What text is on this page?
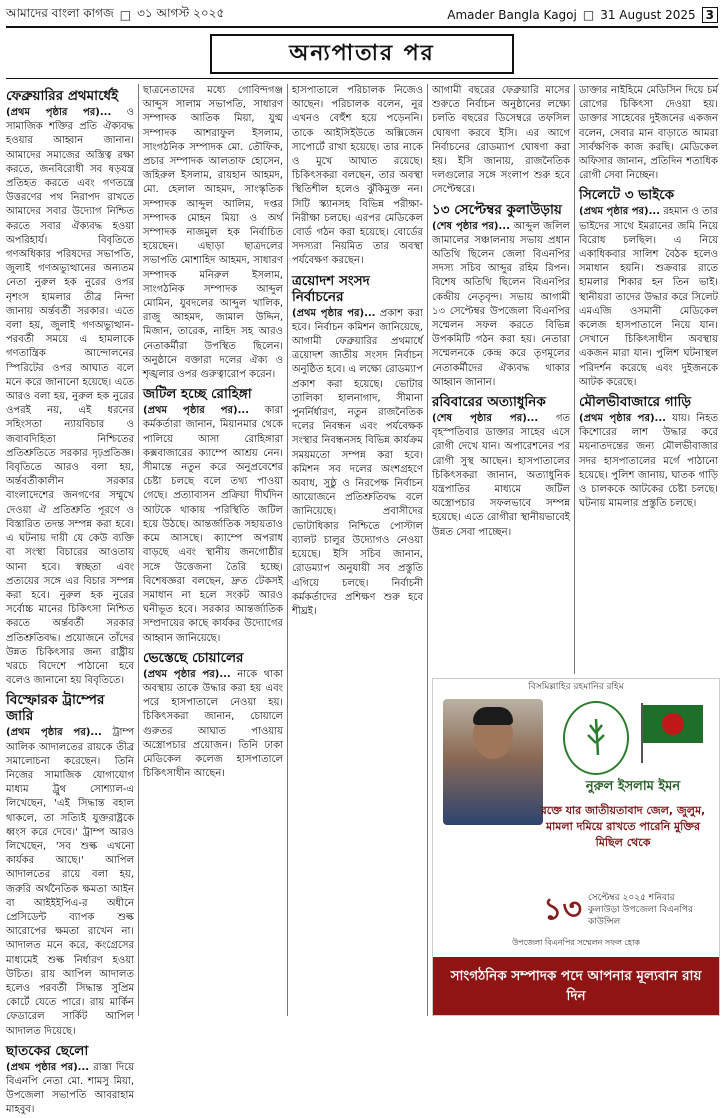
আমাদের বাংলা কাগজ □ ৩১ আগস্ট ২০২৫	Amader Bangla Kagoj □ 31 August 2025 3
অন্যপাতার পর
ফেব্রুয়ারির প্রথমার্ধেই

(প্রথম পৃষ্ঠার পর)... ও সামাজিক শক্তির প্রতি ঐক্যবদ্ধ হওয়ার আহ্বান জানান। আমাদের সমাজের অস্তিত্ব রক্ষা করতে, জনবিরোধী সব ষড়যন্ত্র প্রতিহত করতে এবং গণতন্ত্রে উত্তরণের পথ নিরাপদ রাখতে আমাদের সবার উদ্যোগ নিশ্চিত করতে সবার ঐক্যবদ্ধ হওয়া অপরিহার্য। বিবৃতিতে গণঅধিকার পরিষদের সভাপতি, জুলাই গণঅভ্যুত্থানের অন্যতম নেতা নুরুল হক নুরের ওপর নৃশংস হামলার তীব্র নিন্দা জানায় অর্ন্তবর্তী সরকার। এতে বলা হয়, জুলাই গণঅভ্যুত্থান-পরবর্তী সময়ে এ হামলাকে গণতান্ত্রিক আন্দোলনের স্পিরিটের ওপর আঘাত বলে মনে করে জানানো হয়েছে। এতে আরও বলা হয়, নুরুল হক নুরের ওপরই নয়, এই ধরনের সহিংসতা ন্যায়বিচার ও জবাবদিহিতা নিশ্চিতের প্রতিশ্রুতিতে সরকার দৃঢ়প্রতিজ্ঞ। বিবৃতিতে আরও বলা হয়, অর্ন্তবর্তীকালীন সরকার বাংলাদেশের জনগণের সম্মুখে দেওয়া ঐ প্রতিশ্রুতি পূরণে ও বিস্তারিত তদন্ত সম্পন্ন করা হবে। এ ঘটনায় দায়ী যে কেউ ব্যক্তি বা সংস্থা বিচারের আওতায় আনা হবে। স্বচ্ছতা এবং প্রত্যয়ের সঙ্গে এর বিচার সম্পন্ন করা হবে। নুরুল হক নুরের সর্বোচ্চ মানের চিকিৎসা নিশ্চিত করতে অর্ন্তবর্তী সরকার প্রতিশ্রুতিবদ্ধ। প্রয়োজনে তাঁদের উন্নত চিকিৎসার জন্য রাষ্ট্রীয় খরচে বিদেশে পাঠানো হবে বলেও জানানো হয় বিবৃতিতে।

বিস্ফোরক ট্রাম্পের জারি

(প্রথম পৃষ্ঠার পর)... ট্রাম্প আলিক আদালতের রায়কে তীব্র সমালোচনা করেছেন। তিনি নিজের সামাজিক যোগাযোগ মাধ্যম ট্রুথ সোশ্যাল-এ লিখেছেন, 'এই সিদ্ধান্ত বহাল থাকলে, তা সত্যিই যুক্তরাষ্ট্রকে ধ্বংস করে দেবে।' ট্রাম্প আরও লিখেছেন, 'সব শুল্ক এখনো কার্যকর আছে।' আপিল আদালতের রায়ে বলা হয়, জরুরি অর্থনৈতিক ক্ষমতা আইন বা আইইইপিএ-র অধীনে প্রেসিডেন্ট ব্যাপক শুল্ক আরোপের ক্ষমতা রাখেন না। আদালত মনে করে, কংগ্রেসের মাধ্যমেই শুল্ক নির্ধারণ হওয়া উচিত। রায় আপিল আদালত হলেও পরবর্তী সিদ্ধান্ত সুপ্রিম কোর্টে যেতে পারে। রায় মার্কিন ফেডারেল সার্কিট আপিল আদালত দিয়েছে।

ছাতকের ছেলো

(প্রথম পৃষ্ঠার পর)... রাস্তা দিয়ে বিএনপি নেতা মো. শামসু মিয়া, উপজেলা সভাপতি আবরাহাম মাহবুব।

ছাত্রনেতাদের মধ্যে গোবিন্দগঞ্জ আব্দুস সালাম সভাপতি, সাধারণ সম্পাদক আতিক মিয়া, যুগ্ম সম্পাদক আশরাফুল ইসলাম, সাংগঠনিক সম্পাদক মো. তৌফিক, প্রচার সম্পাদক আলতাফ হোসেন, জহিরুল ইসলাম, রায়হান আহমদ, মো. হেলাল আহমদ, সাংস্কৃতিক সম্পাদক আব্দুল আলিম, দপ্তর সম্পাদক মোহন মিয়া ও অর্থ সম্পাদক নাজমুল হক নির্বাচিত হয়েছেন। এছাড়া ছাত্রদলের সভাপতি মোশাহিদ আহমদ, সাধারণ সম্পাদক মনিরুল ইসলাম, সাংগঠনিক সম্পাদক আব্দুল মোমিন, যুবদলের আব্দুল খালিক, রাজু আহমদ, জামাল উদ্দিন, মিজান, তারেক, নাহিদ সহ আরও নেতাকর্মীরা উপস্থিত ছিলেন। অনুষ্ঠানে বক্তারা দলের ঐক্য ও শৃঙ্খলার ওপর গুরুত্বারোপ করেন।

জটিল হচ্ছে রোহিঙ্গা

(প্রথম পৃষ্ঠার পর)... কারা কর্মকর্তারা জানান, মিয়ানমার থেকে পালিয়ে আসা রোহিঙ্গারা কক্সবাজারের ক্যাম্পে আশ্রয় নেন। সীমান্তে নতুন করে অনুপ্রবেশের চেষ্টা চলছে বলে তথ্য পাওয়া গেছে। প্রত্যাবাসন প্রক্রিয়া দীর্ঘদিন আটকে থাকায় পরিস্থিতি জটিল হয়ে উঠছে। আন্তর্জাতিক সহায়তাও কমে আসছে। ক্যাম্পে অপরাধ বাড়ছে এবং স্থানীয় জনগোষ্ঠীর সঙ্গে উত্তেজনা তৈরি হচ্ছে। বিশেষজ্ঞরা বলছেন, দ্রুত টেকসই সমাধান না হলে সংকট আরও ঘনীভূত হবে। সরকার আন্তর্জাতিক সম্প্রদায়ের কাছে কার্যকর উদ্যোগের আহ্বান জানিয়েছে।

ভেস্তেছে চোয়ালের

(প্রথম পৃষ্ঠার পর)... নাকে থাকা অবস্থায় তাকে উদ্ধার করা হয় এবং পরে হাসপাতালে নেওয়া হয়। চিকিৎসকরা জানান, চোয়ালে গুরুতর আঘাত পাওয়ায় অস্ত্রোপচার প্রয়োজন। তিনি ঢাকা মেডিকেল কলেজ হাসপাতালে চিকিৎসাধীন আছেন।

হাসপাতালে পরিচালক নিজেও আছেন। পরিচালক বলেন, নুর এখনও বেহুঁশ হয়ে পড়েননি। তাকে আইসিইউতে অক্সিজেন সাপোর্টে রাখা হয়েছে। তার নাকে ও মুখে আঘাত রয়েছে। চিকিৎসকরা বলছেন, তার অবস্থা স্থিতিশীল হলেও ঝুঁকিমুক্ত নন। সিটি স্ক্যানসহ বিভিন্ন পরীক্ষা-নিরীক্ষা চলছে। এরপর মেডিকেল বোর্ড গঠন করা হয়েছে। বোর্ডের সদস্যরা নিয়মিত তার অবস্থা পর্যবেক্ষণ করছেন।

ত্রয়োদশ সংসদ নির্বাচনের

(প্রথম পৃষ্ঠার পর)... প্রকাশ করা হবে। নির্বাচন কমিশন জানিয়েছে, আগামী ফেব্রুয়ারির প্রথমার্ধে ত্রয়োদশ জাতীয় সংসদ নির্বাচন অনুষ্ঠিত হবে। এ লক্ষ্যে রোডম্যাপ প্রকাশ করা হয়েছে। ভোটার তালিকা হালনাগাদ, সীমানা পুনর্নির্ধারণ, নতুন রাজনৈতিক দলের নিবন্ধন এবং পর্যবেক্ষক সংস্থার নিবন্ধনসহ বিভিন্ন কার্যক্রম সময়মতো সম্পন্ন করা হবে। কমিশন সব দলের অংশগ্রহণে অবাধ, সুষ্ঠু ও নিরপেক্ষ নির্বাচন আয়োজনে প্রতিশ্রুতিবদ্ধ বলে জানিয়েছে। প্রবাসীদের ভোটাধিকার নিশ্চিতে পোস্টাল ব্যালট চালুর উদ্যোগও নেওয়া হয়েছে। ইসি সচিব জানান, রোডম্যাপ অনুযায়ী সব প্রস্তুতি এগিয়ে চলছে। নির্বাচনী কর্মকর্তাদের প্রশিক্ষণ শুরু হবে শীঘ্রই।

আগামী বছরের ফেব্রুয়ারি মাসের শুরুতে নির্বাচন অনুষ্ঠানের লক্ষ্যে চলতি বছরের ডিসেম্বরে তফসিল ঘোষণা করবে ইসি। এর আগে নির্বাচনের রোডম্যাপ ঘোষণা করা হয়। ইসি জানায়, রাজনৈতিক দলগুলোর সঙ্গে সংলাপ শুরু হবে সেপ্টেম্বরে।

১৩ সেপ্টেম্বর কুলাউড়ায়

(শেষ পৃষ্ঠার পর)... আব্দুল জলিল জামালের সঞ্চালনায় সভায় প্রধান অতিথি ছিলেন জেলা বিএনপির সদস্য সচিব আব্দুর রহিম রিপন। বিশেষ অতিথি ছিলেন বিএনপির কেন্দ্রীয় নেতৃবৃন্দ। সভায় আগামী ১৩ সেপ্টেম্বর উপজেলা বিএনপির সম্মেলন সফল করতে বিভিন্ন উপকমিটি গঠন করা হয়। নেতারা সম্মেলনকে কেন্দ্র করে তৃণমূলের নেতাকর্মীদের ঐক্যবদ্ধ থাকার আহ্বান জানান।

রবিবারের অত্যাধুনিক

(শেষ পৃষ্ঠার পর)... গত বৃহস্পতিবার ডাক্তার সাহেব এসে রোগী দেখে যান। অপারেশনের পর রোগী সুস্থ আছেন। হাসপাতালের চিকিৎসকরা জানান, অত্যাধুনিক যন্ত্রপাতির মাধ্যমে জটিল অস্ত্রোপচার সফলভাবে সম্পন্ন হয়েছে। এতে রোগীরা স্থানীয়ভাবেই উন্নত সেবা পাচ্ছেন।

ডাক্তার নাইহিমে মেডিসিন দিয়ে চর্ম রোগের চিকিৎসা দেওয়া হয়। ডাক্তার সাহেবের দুইজনের একজন বলেন, সেবার মান বাড়াতে আমরা সার্বক্ষণিক কাজ করছি। মেডিকেল অফিসার জানান, প্রতিদিন শতাধিক রোগী সেবা নিচ্ছেন।

সিলেটে ৩ ভাইকে

(প্রথম পৃষ্ঠার পর)... রহমান ও তার ভাইদের সাথে ইমরানের জমি নিয়ে বিরোধ চলছিল। এ নিয়ে একাধিকবার সালিশ বৈঠক হলেও সমাধান হয়নি। শুক্রবার রাতে হামলার শিকার হন তিন ভাই। স্থানীয়রা তাদের উদ্ধার করে সিলেট এমএজি ওসমানী মেডিকেল কলেজ হাসপাতালে নিয়ে যান। সেখানে চিকিৎসাধীন অবস্থায় একজন মারা যান। পুলিশ ঘটনাস্থল পরিদর্শন করেছে এবং দুইজনকে আটক করেছে।

মৌলভীবাজারে গাড়ি

(প্রথম পৃষ্ঠার পর)... যায়। নিহত কিশোরের লাশ উদ্ধার করে ময়নাতদন্তের জন্য মৌলভীবাজার সদর হাসপাতালের মর্গে পাঠানো হয়েছে। পুলিশ জানায়, ঘাতক গাড়ি ও চালককে আটকের চেষ্টা চলছে। ঘটনায় মামলার প্রস্তুতি চলছে।

বিসমিল্লাহির রহমানির রহিম
নুরুল ইসলাম ইমন
রক্তে যার জাতীয়তাবাদ জেল, জুলুম, মামলা দমিয়ে রাখতে পারেনি মুক্তির মিছিল থেকে
১৩ সেপ্টেম্বর ২০২৫ শনিবার
কুলাউড়া উপজেলা বিএনপির কাউন্সিল
উপজেলা বিএনপির সম্মেলন সফল হোক
সাংগঠনিক সম্পাদক পদে আপনার মূল্যবান রায় দিন
